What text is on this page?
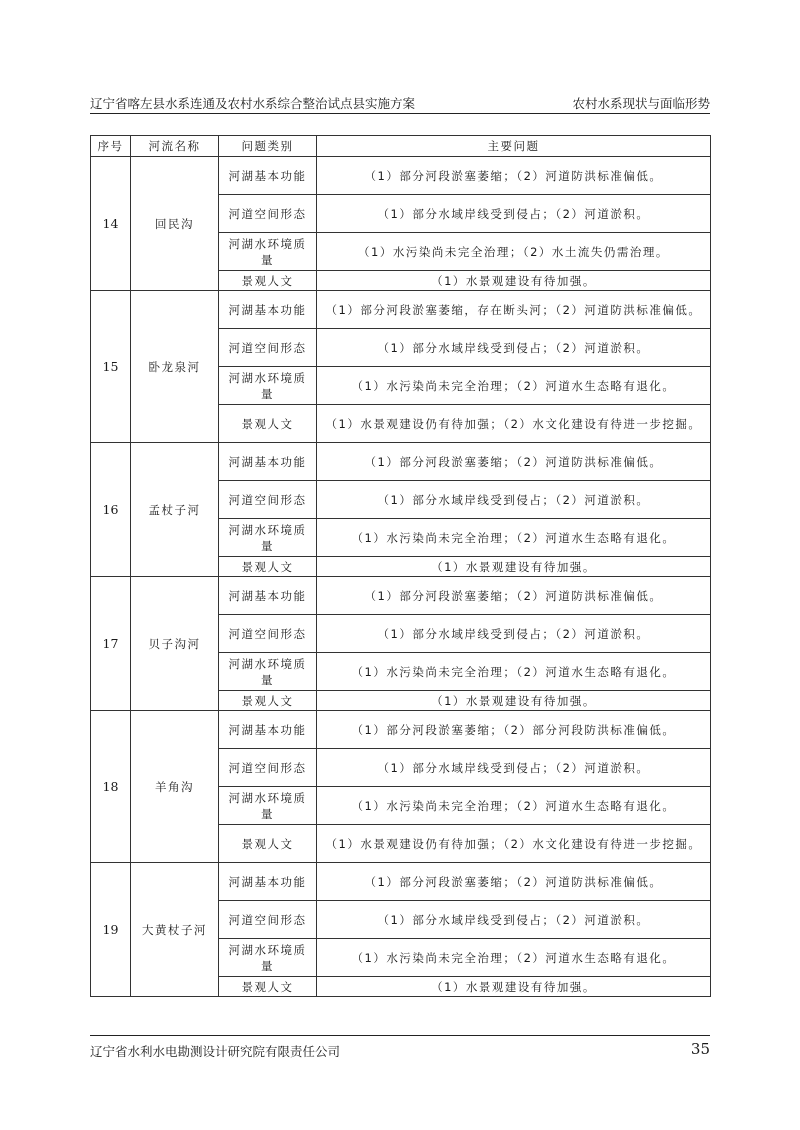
辽宁省喀左县水系连通及农村水系综合整治试点县实施方案	农村水系现状与面临形势
序号	河流名称	问题类别	主要问题
14	回民沟	河湖基本功能	（1）部分河段淤塞萎缩；（2）河道防洪标准偏低。
		河道空间形态	（1）部分水域岸线受到侵占；（2）河道淤积。
		河湖水环境质量	（1）水污染尚未完全治理；（2）水土流失仍需治理。
		景观人文	（1）水景观建设有待加强。
15	卧龙泉河	河湖基本功能	（1）部分河段淤塞萎缩，存在断头河；（2）河道防洪标准偏低。
		河道空间形态	（1）部分水域岸线受到侵占；（2）河道淤积。
		河湖水环境质量	（1）水污染尚未完全治理；（2）河道水生态略有退化。
		景观人文	（1）水景观建设仍有待加强；（2）水文化建设有待进一步挖掘。
16	孟杖子河	河湖基本功能	（1）部分河段淤塞萎缩；（2）河道防洪标准偏低。
		河道空间形态	（1）部分水域岸线受到侵占；（2）河道淤积。
		河湖水环境质量	（1）水污染尚未完全治理；（2）河道水生态略有退化。
		景观人文	（1）水景观建设有待加强。
17	贝子沟河	河湖基本功能	（1）部分河段淤塞萎缩；（2）河道防洪标准偏低。
		河道空间形态	（1）部分水域岸线受到侵占；（2）河道淤积。
		河湖水环境质量	（1）水污染尚未完全治理；（2）河道水生态略有退化。
		景观人文	（1）水景观建设有待加强。
18	羊角沟	河湖基本功能	（1）部分河段淤塞萎缩；（2）部分河段防洪标准偏低。
		河道空间形态	（1）部分水域岸线受到侵占；（2）河道淤积。
		河湖水环境质量	（1）水污染尚未完全治理；（2）河道水生态略有退化。
		景观人文	（1）水景观建设仍有待加强；（2）水文化建设有待进一步挖掘。
19	大黄杖子河	河湖基本功能	（1）部分河段淤塞萎缩；（2）河道防洪标准偏低。
		河道空间形态	（1）部分水域岸线受到侵占；（2）河道淤积。
		河湖水环境质量	（1）水污染尚未完全治理；（2）河道水生态略有退化。
		景观人文	（1）水景观建设有待加强。
辽宁省水利水电勘测设计研究院有限责任公司	35
